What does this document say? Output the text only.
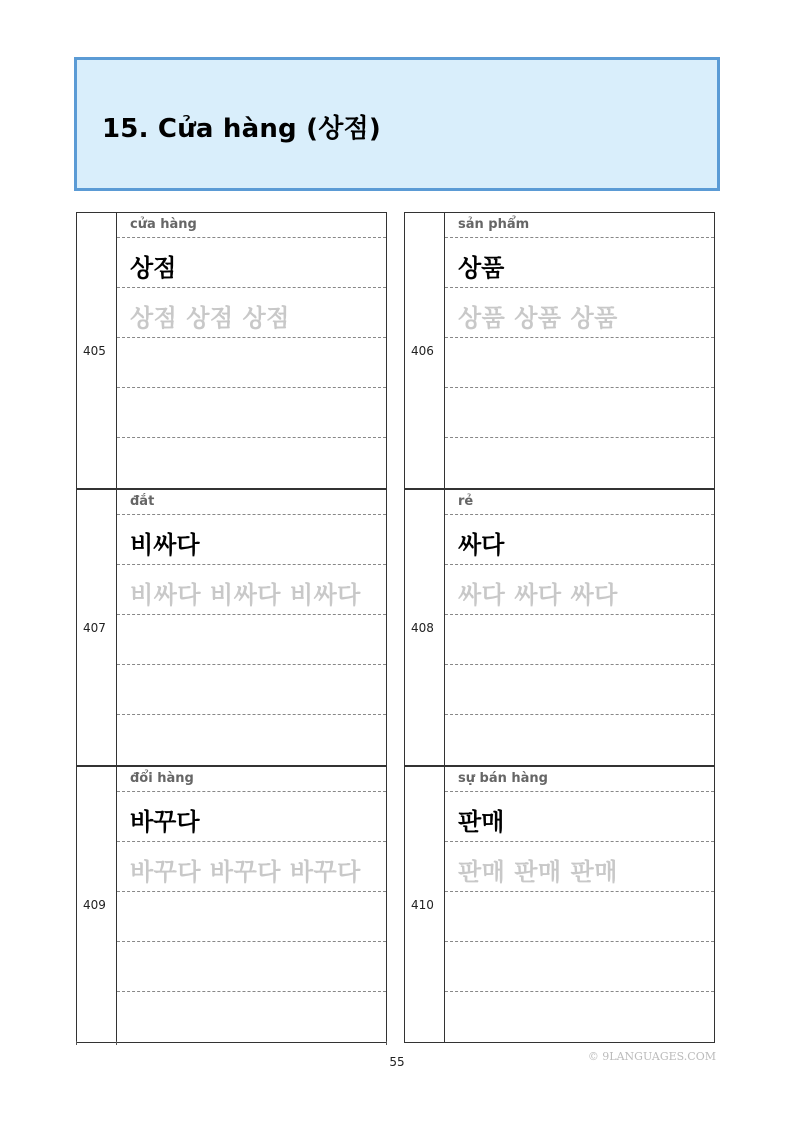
15. Cửa hàng (상점)
405
cửa hàng
상점
상점 상점 상점
406
sản phẩm
상품
상품 상품 상품
407
đắt
비싸다
비싸다 비싸다 비싸다
408
rẻ
싸다
싸다 싸다 싸다
409
đổi hàng
바꾸다
바꾸다 바꾸다 바꾸다
410
sự bán hàng
판매
판매 판매 판매
55	© 9LANGUAGES.COM
